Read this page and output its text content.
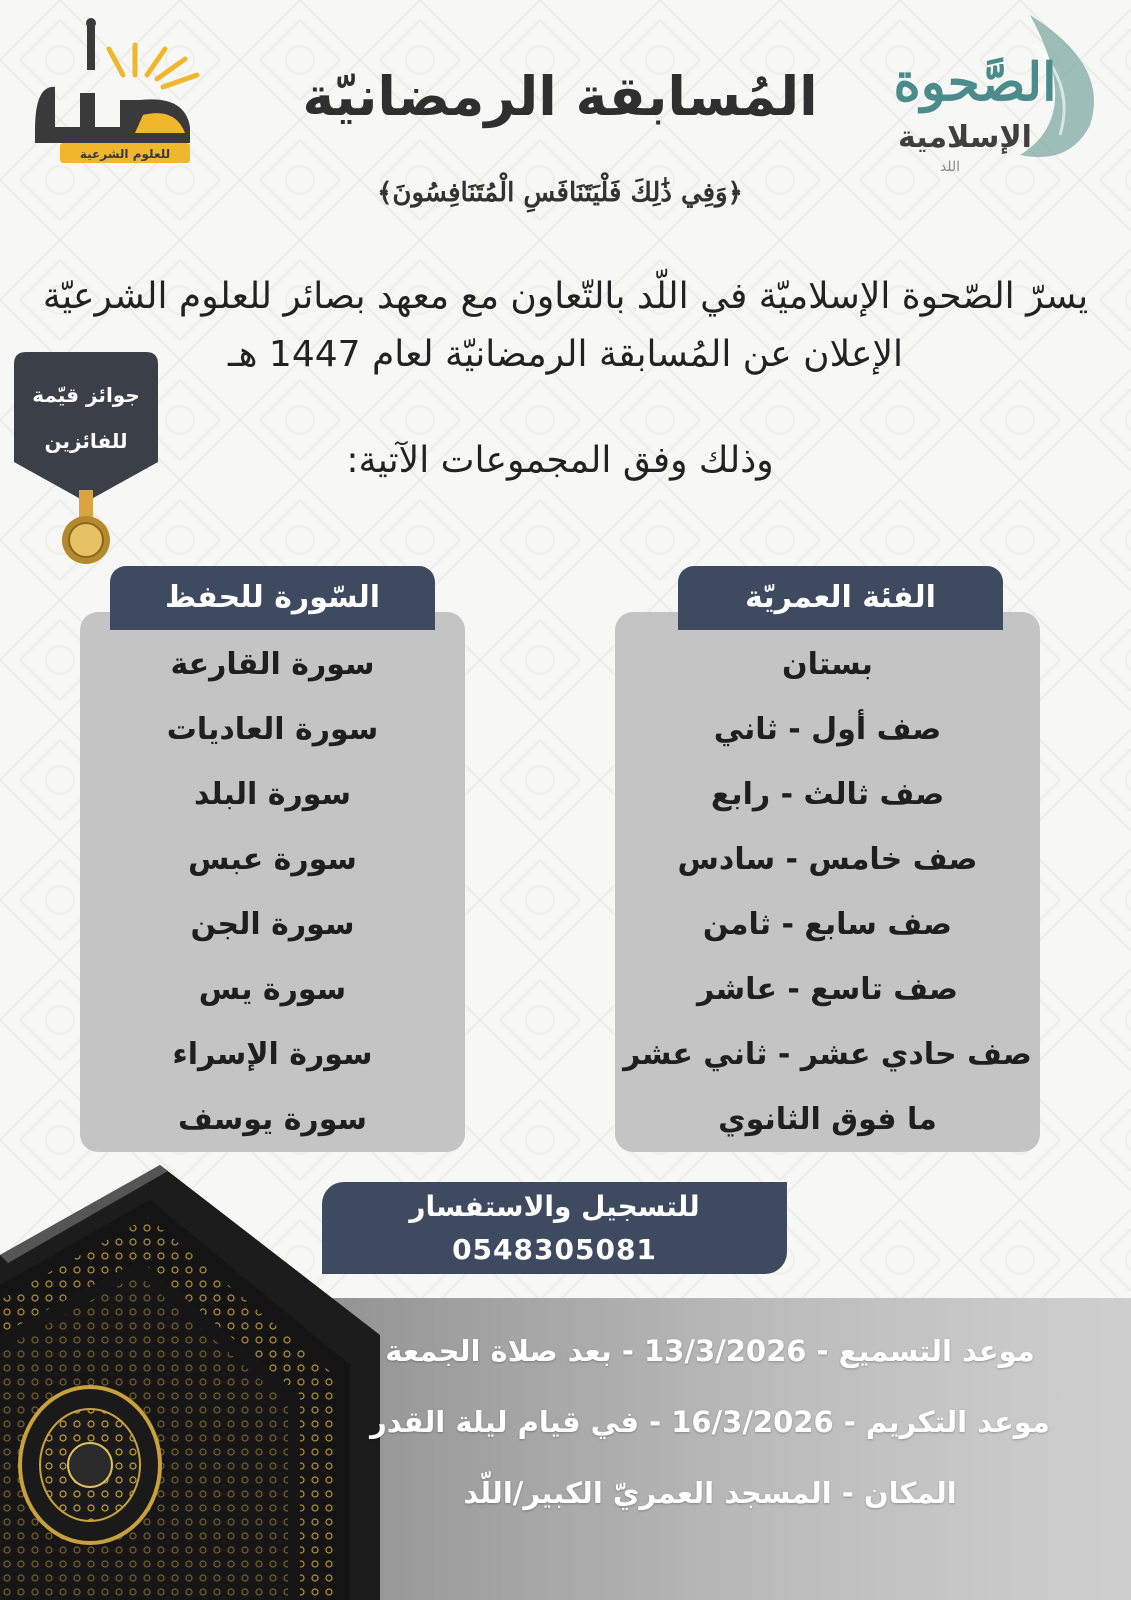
للعلوم الشرعية
الصَّحوة
الإسلامية
اللد
المُسابقة الرمضانيّة
﴿وَفِي ذَٰلِكَ فَلْيَتَنَافَسِ الْمُتَنَافِسُونَ﴾
يسرّ الصّحوة الإسلاميّة في اللّد بالتّعاون مع معهد بصائر للعلوم الشرعيّة
الإعلان عن المُسابقة الرمضانيّة لعام 1447 هـ
وذلك وفق المجموعات الآتية:
جوائز قيّمة
للفائزين
السّورة للحفظ
سورة القارعة
سورة العاديات
سورة البلد
سورة عبس
سورة الجن
سورة يس
سورة الإسراء
سورة يوسف
الفئة العمريّة
بستان
صف أول - ثاني
صف ثالث - رابع
صف خامس - سادس
صف سابع - ثامن
صف تاسع - عاشر
صف حادي عشر - ثاني عشر
ما فوق الثانوي
للتسجيل والاستفسار
0548305081
موعد التسميع - 13/3/2026 - بعد صلاة الجمعة
موعد التكريم - 16/3/2026 - في قيام ليلة القدر
المكان - المسجد العمريّ الكبير/اللّد
